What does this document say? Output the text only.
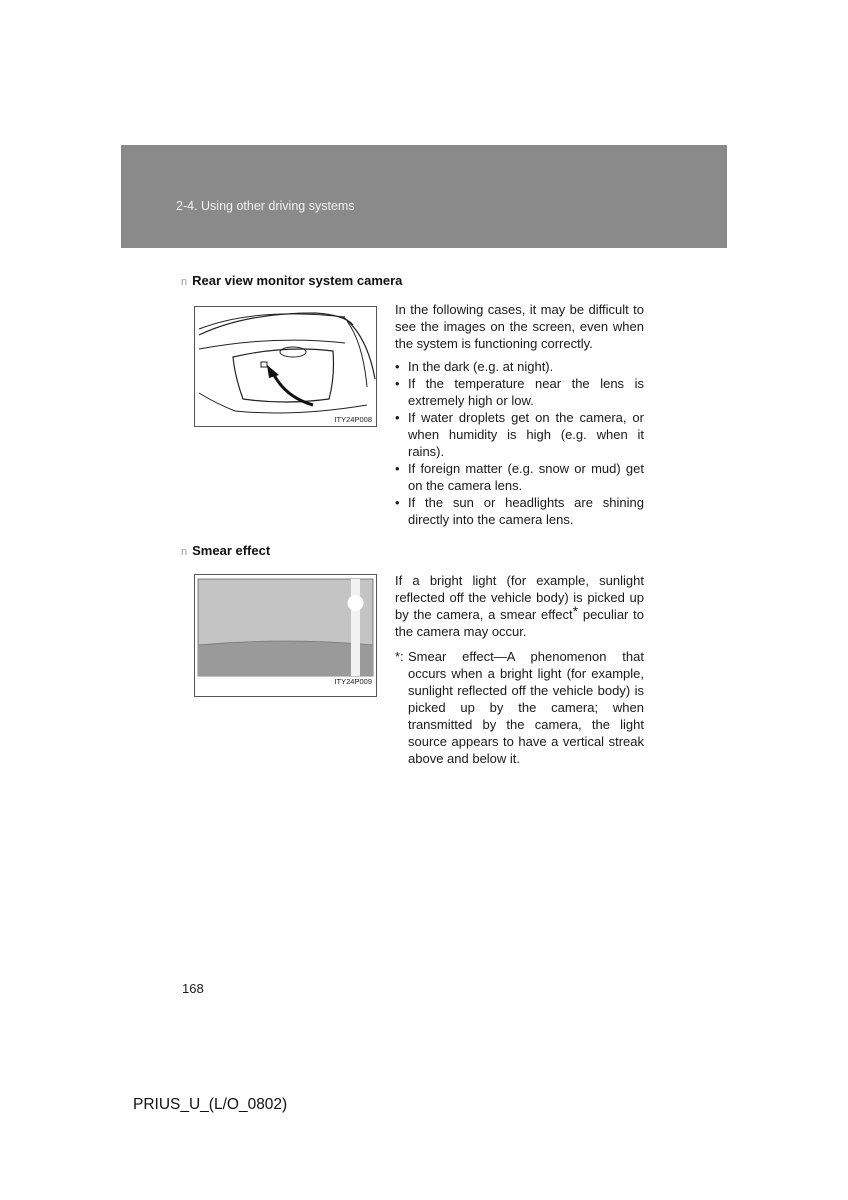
2-4. Using other driving systems
n Rear view monitor system camera
ITY24P008

In the following cases, it may be difficult to see the images on the screen, even when the system is functioning correctly.

• In the dark (e.g. at night).
• If the temperature near the lens is extremely high or low.
• If water droplets get on the camera, or when humidity is high (e.g. when it rains).
• If foreign matter (e.g. snow or mud) get on the camera lens.
• If the sun or headlights are shining directly into the camera lens.
n Smear effect
ITY24P009

If a bright light (for example, sunlight reflected off the vehicle body) is picked up by the camera, a smear effect* peculiar to the camera may occur.

*: Smear effect—A phenomenon that occurs when a bright light (for example, sunlight reflected off the vehicle body) is picked up by the camera; when transmitted by the camera, the light source appears to have a vertical streak above and below it.
168
PRIUS_U_(L/O_0802)
